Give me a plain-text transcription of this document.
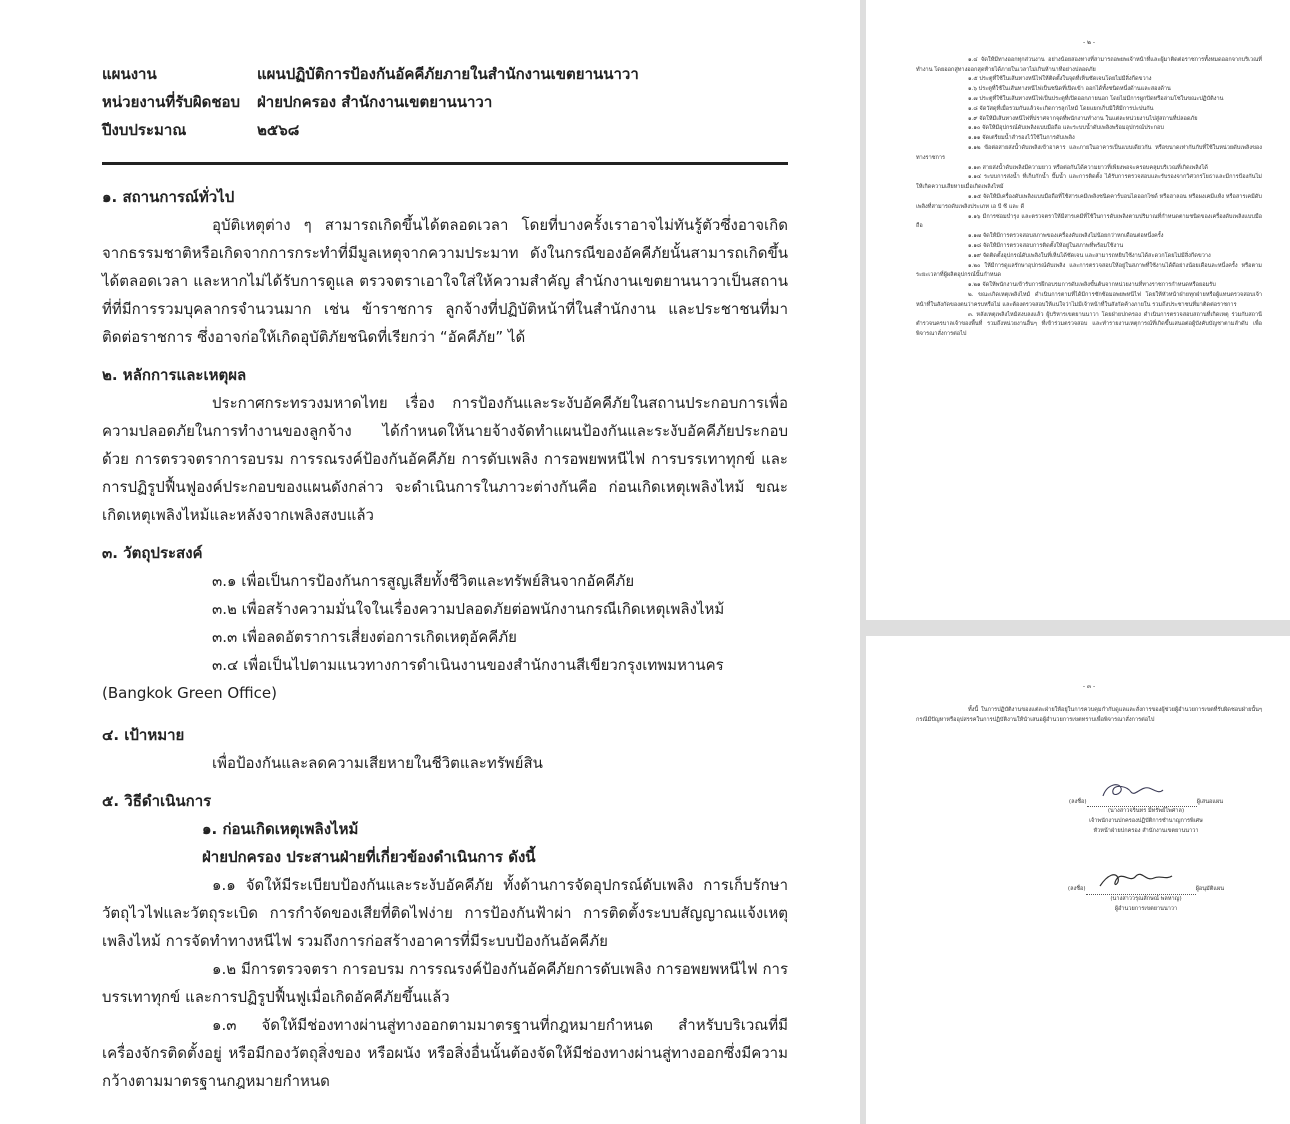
แผนงาน	แผนปฏิบัติการป้องกันอัคคีภัยภายในสำนักงานเขตยานนาวา
หน่วยงานที่รับผิดชอบ	ฝ่ายปกครอง สำนักงานเขตยานนาวา
ปีงบประมาณ	๒๕๖๘
๑. สถานการณ์ทั่วไป
อุบัติเหตุต่าง ๆ สามารถเกิดขึ้นได้ตลอดเวลา โดยที่บางครั้งเราอาจไม่ทันรู้ตัวซึ่งอาจเกิดจากธรรมชาติหรือเกิดจากการกระทำที่มีมูลเหตุจากความประมาท ดังในกรณีของอัคคีภัยนั้นสามารถเกิดขึ้นได้ตลอดเวลา และหากไม่ได้รับการดูแล ตรวจตราเอาใจใส่ให้ความสำคัญ สำนักงานเขตยานนาวาเป็นสถานที่ที่มีการรวมบุคลากรจำนวนมาก เช่น ข้าราชการ ลูกจ้างที่ปฏิบัติหน้าที่ในสำนักงาน และประชาชนที่มาติดต่อราชการ ซึ่งอาจก่อให้เกิดอุบัติภัยชนิดที่เรียกว่า “อัคคีภัย” ได้
๒. หลักการและเหตุผล
ประกาศกระทรวงมหาดไทย เรื่อง การป้องกันและระงับอัคคีภัยในสถานประกอบการเพื่อความปลอดภัยในการทำงานของลูกจ้าง ได้กำหนดให้นายจ้างจัดทำแผนป้องกันและระงับอัคคีภัยประกอบด้วย การตรวจตราการอบรม การรณรงค์ป้องกันอัคคีภัย การดับเพลิง การอพยพหนีไฟ การบรรเทาทุกข์ และการปฏิรูปฟื้นฟูองค์ประกอบของแผนดังกล่าว จะดำเนินการในภาวะต่างกันคือ ก่อนเกิดเหตุเพลิงไหม้ ขณะเกิดเหตุเพลิงไหม้และหลังจากเพลิงสงบแล้ว
๓. วัตถุประสงค์
๓.๑ เพื่อเป็นการป้องกันการสูญเสียทั้งชีวิตและทรัพย์สินจากอัคคีภัย
๓.๒ เพื่อสร้างความมั่นใจในเรื่องความปลอดภัยต่อพนักงานกรณีเกิดเหตุเพลิงไหม้
๓.๓ เพื่อลดอัตราการเสี่ยงต่อการเกิดเหตุอัคคีภัย
๓.๔ เพื่อเป็นไปตามแนวทางการดำเนินงานของสำนักงานสีเขียวกรุงเทพมหานคร
(Bangkok Green Office)
๔. เป้าหมาย
เพื่อป้องกันและลดความเสียหายในชีวิตและทรัพย์สิน
๕. วิธีดำเนินการ
๑. ก่อนเกิดเหตุเพลิงไหม้
ฝ่ายปกครอง ประสานฝ่ายที่เกี่ยวข้องดำเนินการ ดังนี้
๑.๑ จัดให้มีระเบียบป้องกันและระงับอัคคีภัย ทั้งด้านการจัดอุปกรณ์ดับเพลิง การเก็บรักษาวัตถุไวไฟและวัตถุระเบิด การกำจัดของเสียที่ติดไฟง่าย การป้องกันฟ้าผ่า การติดตั้งระบบสัญญาณแจ้งเหตุเพลิงไหม้ การจัดทำทางหนีไฟ รวมถึงการก่อสร้างอาคารที่มีระบบป้องกันอัคคีภัย
๑.๒ มีการตรวจตรา การอบรม การรณรงค์ป้องกันอัคคีภัยการดับเพลิง การอพยพหนีไฟ การบรรเทาทุกข์ และการปฏิรูปฟื้นฟูเมื่อเกิดอัคคีภัยขึ้นแล้ว
๑.๓ จัดให้มีช่องทางผ่านสู่ทางออกตามมาตรฐานที่กฎหมายกำหนด สำหรับบริเวณที่มีเครื่องจักรติดตั้งอยู่ หรือมีกองวัตถุสิ่งของ หรือผนัง หรือสิ่งอื่นนั้นต้องจัดให้มีช่องทางผ่านสู่ทางออกซึ่งมีความกว้างตามมาตรฐานกฎหมายกำหนด
- ๒ -

๑.๔ จัดให้มีทางออกทุกส่วนงาน อย่างน้อยสองทางที่สามารถอพยพเจ้าหน้าที่และผู้มาติดต่อราชการทั้งหมดออกจากบริเวณที่ทำงาน โดยออกสู่ทางออกสุดท้ายได้ภายในเวลาไม่เกินห้านาทีอย่างปลอดภัย

๑.๕ ประตูที่ใช้ในเส้นทางหนีไฟให้ติดตั้งในจุดที่เห็นชัดเจนโดยไม่มีสิ่งกีดขวาง

๑.๖ ประตูที่ใช้ในเส้นทางหนีไฟเป็นชนิดที่เปิดเข้า ออกได้ทั้งชนิดหนึ่งด้านและสองด้าน

๑.๗ ประตูที่ใช้ในเส้นทางหนีไฟเป็นประตูที่เปิดออกภายนอก โดยไม่มีการผูกปิดหรือล่ามโซ่ในขณะปฏิบัติงาน

๑.๘ จัดวัสดุที่เมื่อรวมกันแล้วจะเกิดการลุกไหม้ โดยแยกเก็บมิให้มีการปะปนกัน

๑.๙ จัดให้มีเส้นทางหนีไฟที่ปราศจากจุดที่พนักงานทำงาน ในแต่ละหน่วยงานไปสู่สถานที่ปลอดภัย

๑.๑๐ จัดให้มีอุปกรณ์ดับเพลิงแบบมือถือ และระบบน้ำดับเพลิงพร้อมอุปกรณ์ประกอบ

๑.๑๑ จัดเตรียมน้ำสำรองไว้ใช้ในการดับเพลิง

๑.๑๒ ข้อต่อสายส่งน้ำดับเพลิงเข้าอาคาร และภายในอาคารเป็นแบบเดียวกัน หรือขนาดเท่ากันกับที่ใช้ในหน่วยดับเพลิงของทางราชการ

๑.๑๓ สายส่งน้ำดับเพลิงมีความยาว หรือต่อกันได้ความยาวที่เพียงพอจะครอบคลุมบริเวณที่เกิดเพลิงได้

๑.๑๔ ระบบการส่งน้ำ ที่เก็บกักน้ำ ปั๊มน้ำ และการติดตั้ง ได้รับการตรวจสอบและรับรองจากวิศวกรโยธาและมีการป้องกันไม่ให้เกิดความเสียหายเมื่อเกิดเพลิงไหม้

๑.๑๕ จัดให้มีเครื่องดับเพลิงแบบมือถือที่ใช้สารเคมีเพลิงชนิดคาร์บอนไดออกไซด์ หรือฮาลอน หรือผงเคมีแห้ง หรือสารเคมีดับเพลิงที่สามารถดับเพลิงประเภท เอ บี ซี และ ดี

๑.๑๖ มีการซ่อมบำรุง และตรวจตราให้มีสารเคมีที่ใช้ในการดับเพลิงตามปริมาณที่กำหนดตามชนิดของเครื่องดับเพลิงแบบมือถือ

๑.๑๗ จัดให้มีการตรวจสอบสภาพของเครื่องดับเพลิงไม่น้อยกว่าหกเดือนต่อหนึ่งครั้ง

๑.๑๘ จัดให้มีการตรวจสอบการติดตั้งให้อยู่ในสภาพที่พร้อมใช้งาน

๑.๑๙ จัดติดตั้งอุปกรณ์ดับเพลิงในที่เห็นได้ชัดเจน และสามารถหยิบใช้งานได้สะดวกโดยไม่มีสิ่งกีดขวาง

๑.๒๐ ให้มีการดูแลรักษาอุปกรณ์ดับเพลิง และการตรวจสอบให้อยู่ในสภาพที่ใช้งานได้ดีอย่างน้อยเดือนละหนึ่งครั้ง หรือตามระยะเวลาที่ผู้ผลิตอุปกรณ์นั้นกำหนด

๑.๒๑ จัดให้พนักงานเข้ารับการฝึกอบรมการดับเพลิงขั้นต้นจากหน่วยงานที่ทางราชการกำหนดหรือยอมรับ

๒. ขณะเกิดเหตุเพลิงไหม้ ดำเนินการตามที่ได้มีการซักซ้อมอพยพหนีไฟ โดยให้หัวหน้าฝ่ายทุกฝ่ายหรือผู้แทนตรวจสอบเจ้าหน้าที่ในสังกัดของตนว่าครบหรือไม่ และต้องตรวจสอบให้แน่ใจว่าไม่มีเจ้าหน้าที่ในสังกัดค้างภายใน รวมถึงประชาชนที่มาติดต่อราชการ

๓. หลังเหตุเพลิงไหม้สงบลงแล้ว ผู้บริหารเขตยานนาวา โดยฝ่ายปกครอง ดำเนินการตรวจสอบสถานที่เกิดเหตุ ร่วมกับสถานีตำรวจนครบาลเจ้าของพื้นที่ รวมถึงหน่วยงานอื่นๆ ที่เข้าร่วมตรวจสอบ และทำรายงานเหตุการณ์ที่เกิดขึ้นเสนอต่อผู้บังคับบัญชาตามลำดับ เพื่อพิจารณาสั่งการต่อไป

- ๓ -

ทั้งนี้ ในการปฏิบัติงานของแต่ละฝ่ายให้อยู่ในการควบคุมกำกับดูแลและสั่งการของผู้ช่วยผู้อำนวยการเขตที่รับผิดชอบฝ่ายนั้นๆ กรณีมีปัญหาหรืออุปสรรคในการปฏิบัติงานให้นำเสนอผู้อำนวยการเขตทราบเพื่อพิจารณาสั่งการต่อไป

(ลงชื่อ)	ผู้เสนอแผน
(นางสาวจรินทร มีทรัพย์ไพศาล)
เจ้าพนักงานปกครองปฏิบัติการชำนาญการพิเศษ
หัวหน้าฝ่ายปกครอง สำนักงานเขตยานนาวา
(ลงชื่อ)	ผู้อนุมัติแผน
(นางสาววรุณลักษณ์ พลหาญ)
ผู้อำนวยการเขตยานนาวา
